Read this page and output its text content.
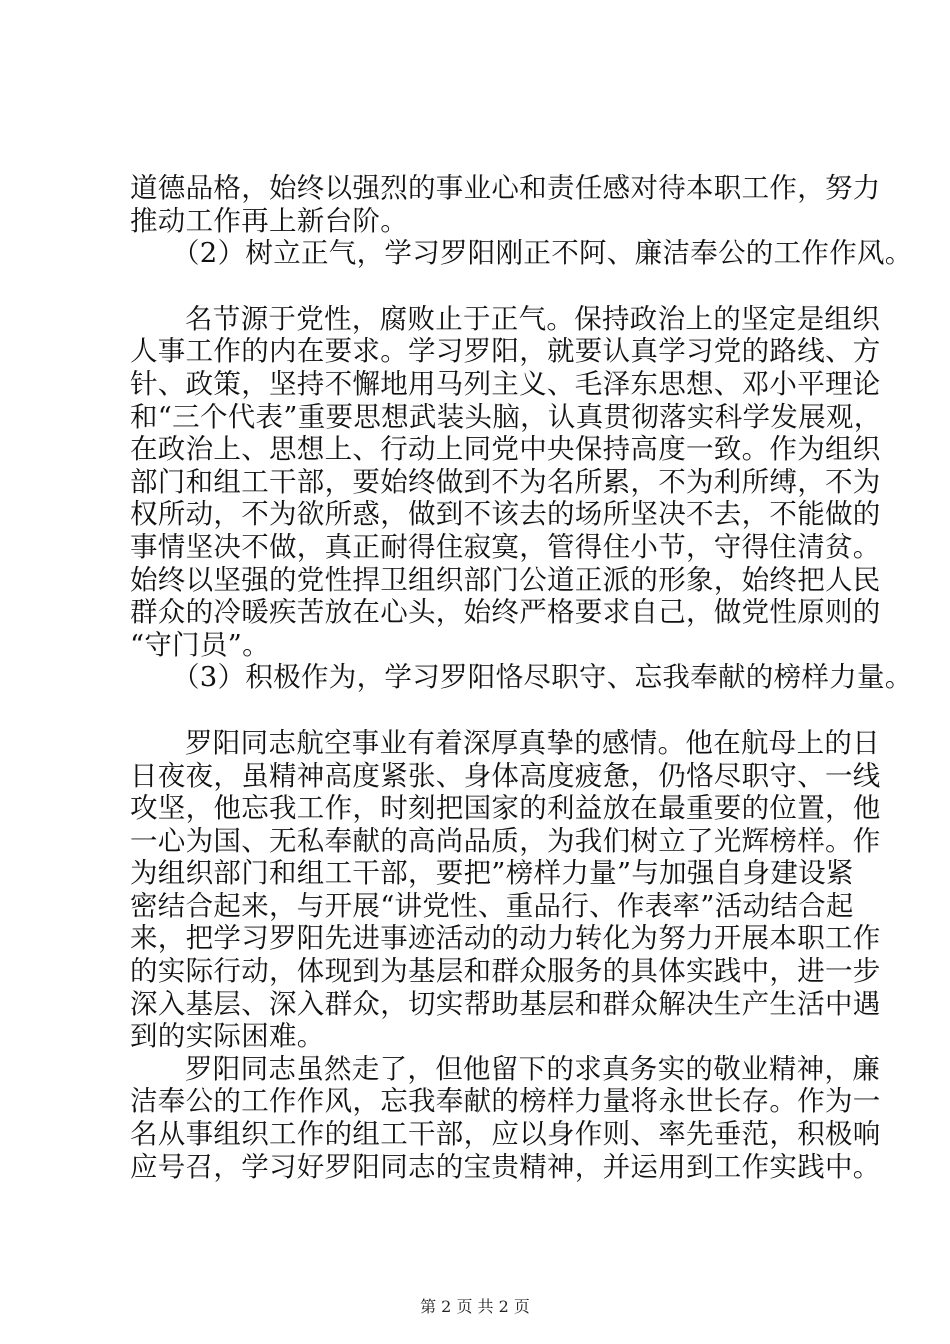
道德品格，始终以强烈的事业心和责任感对待本职工作，努力
推动工作再上新台阶。
（2）树立正气，学习罗阳刚正不阿、廉洁奉公的工作作风。
名节源于党性，腐败止于正气。保持政治上的坚定是组织
人事工作的内在要求。学习罗阳，就要认真学习党的路线、方
针、政策，坚持不懈地用马列主义、毛泽东思想、邓小平理论
和“三个代表”重要思想武装头脑，认真贯彻落实科学发展观，
在政治上、思想上、行动上同党中央保持高度一致。作为组织
部门和组工干部，要始终做到不为名所累，不为利所缚，不为
权所动，不为欲所惑，做到不该去的场所坚决不去，不能做的
事情坚决不做，真正耐得住寂寞，管得住小节，守得住清贫。
始终以坚强的党性捍卫组织部门公道正派的形象，始终把人民
群众的冷暖疾苦放在心头，始终严格要求自己，做党性原则的
“守门员”。
（3）积极作为，学习罗阳恪尽职守、忘我奉献的榜样力量。
罗阳同志航空事业有着深厚真挚的感情。他在航母上的日
日夜夜，虽精神高度紧张、身体高度疲惫，仍恪尽职守、一线
攻坚，他忘我工作，时刻把国家的利益放在最重要的位置，他
一心为国、无私奉献的高尚品质，为我们树立了光辉榜样。作
为组织部门和组工干部，要把”榜样力量”与加强自身建设紧
密结合起来，与开展“讲党性、重品行、作表率”活动结合起
来，把学习罗阳先进事迹活动的动力转化为努力开展本职工作
的实际行动，体现到为基层和群众服务的具体实践中，进一步
深入基层、深入群众，切实帮助基层和群众解决生产生活中遇
到的实际困难。
罗阳同志虽然走了，但他留下的求真务实的敬业精神，廉
洁奉公的工作作风，忘我奉献的榜样力量将永世长存。作为一
名从事组织工作的组工干部，应以身作则、率先垂范，积极响
应号召，学习好罗阳同志的宝贵精神，并运用到工作实践中。
第 2 页 共 2 页
